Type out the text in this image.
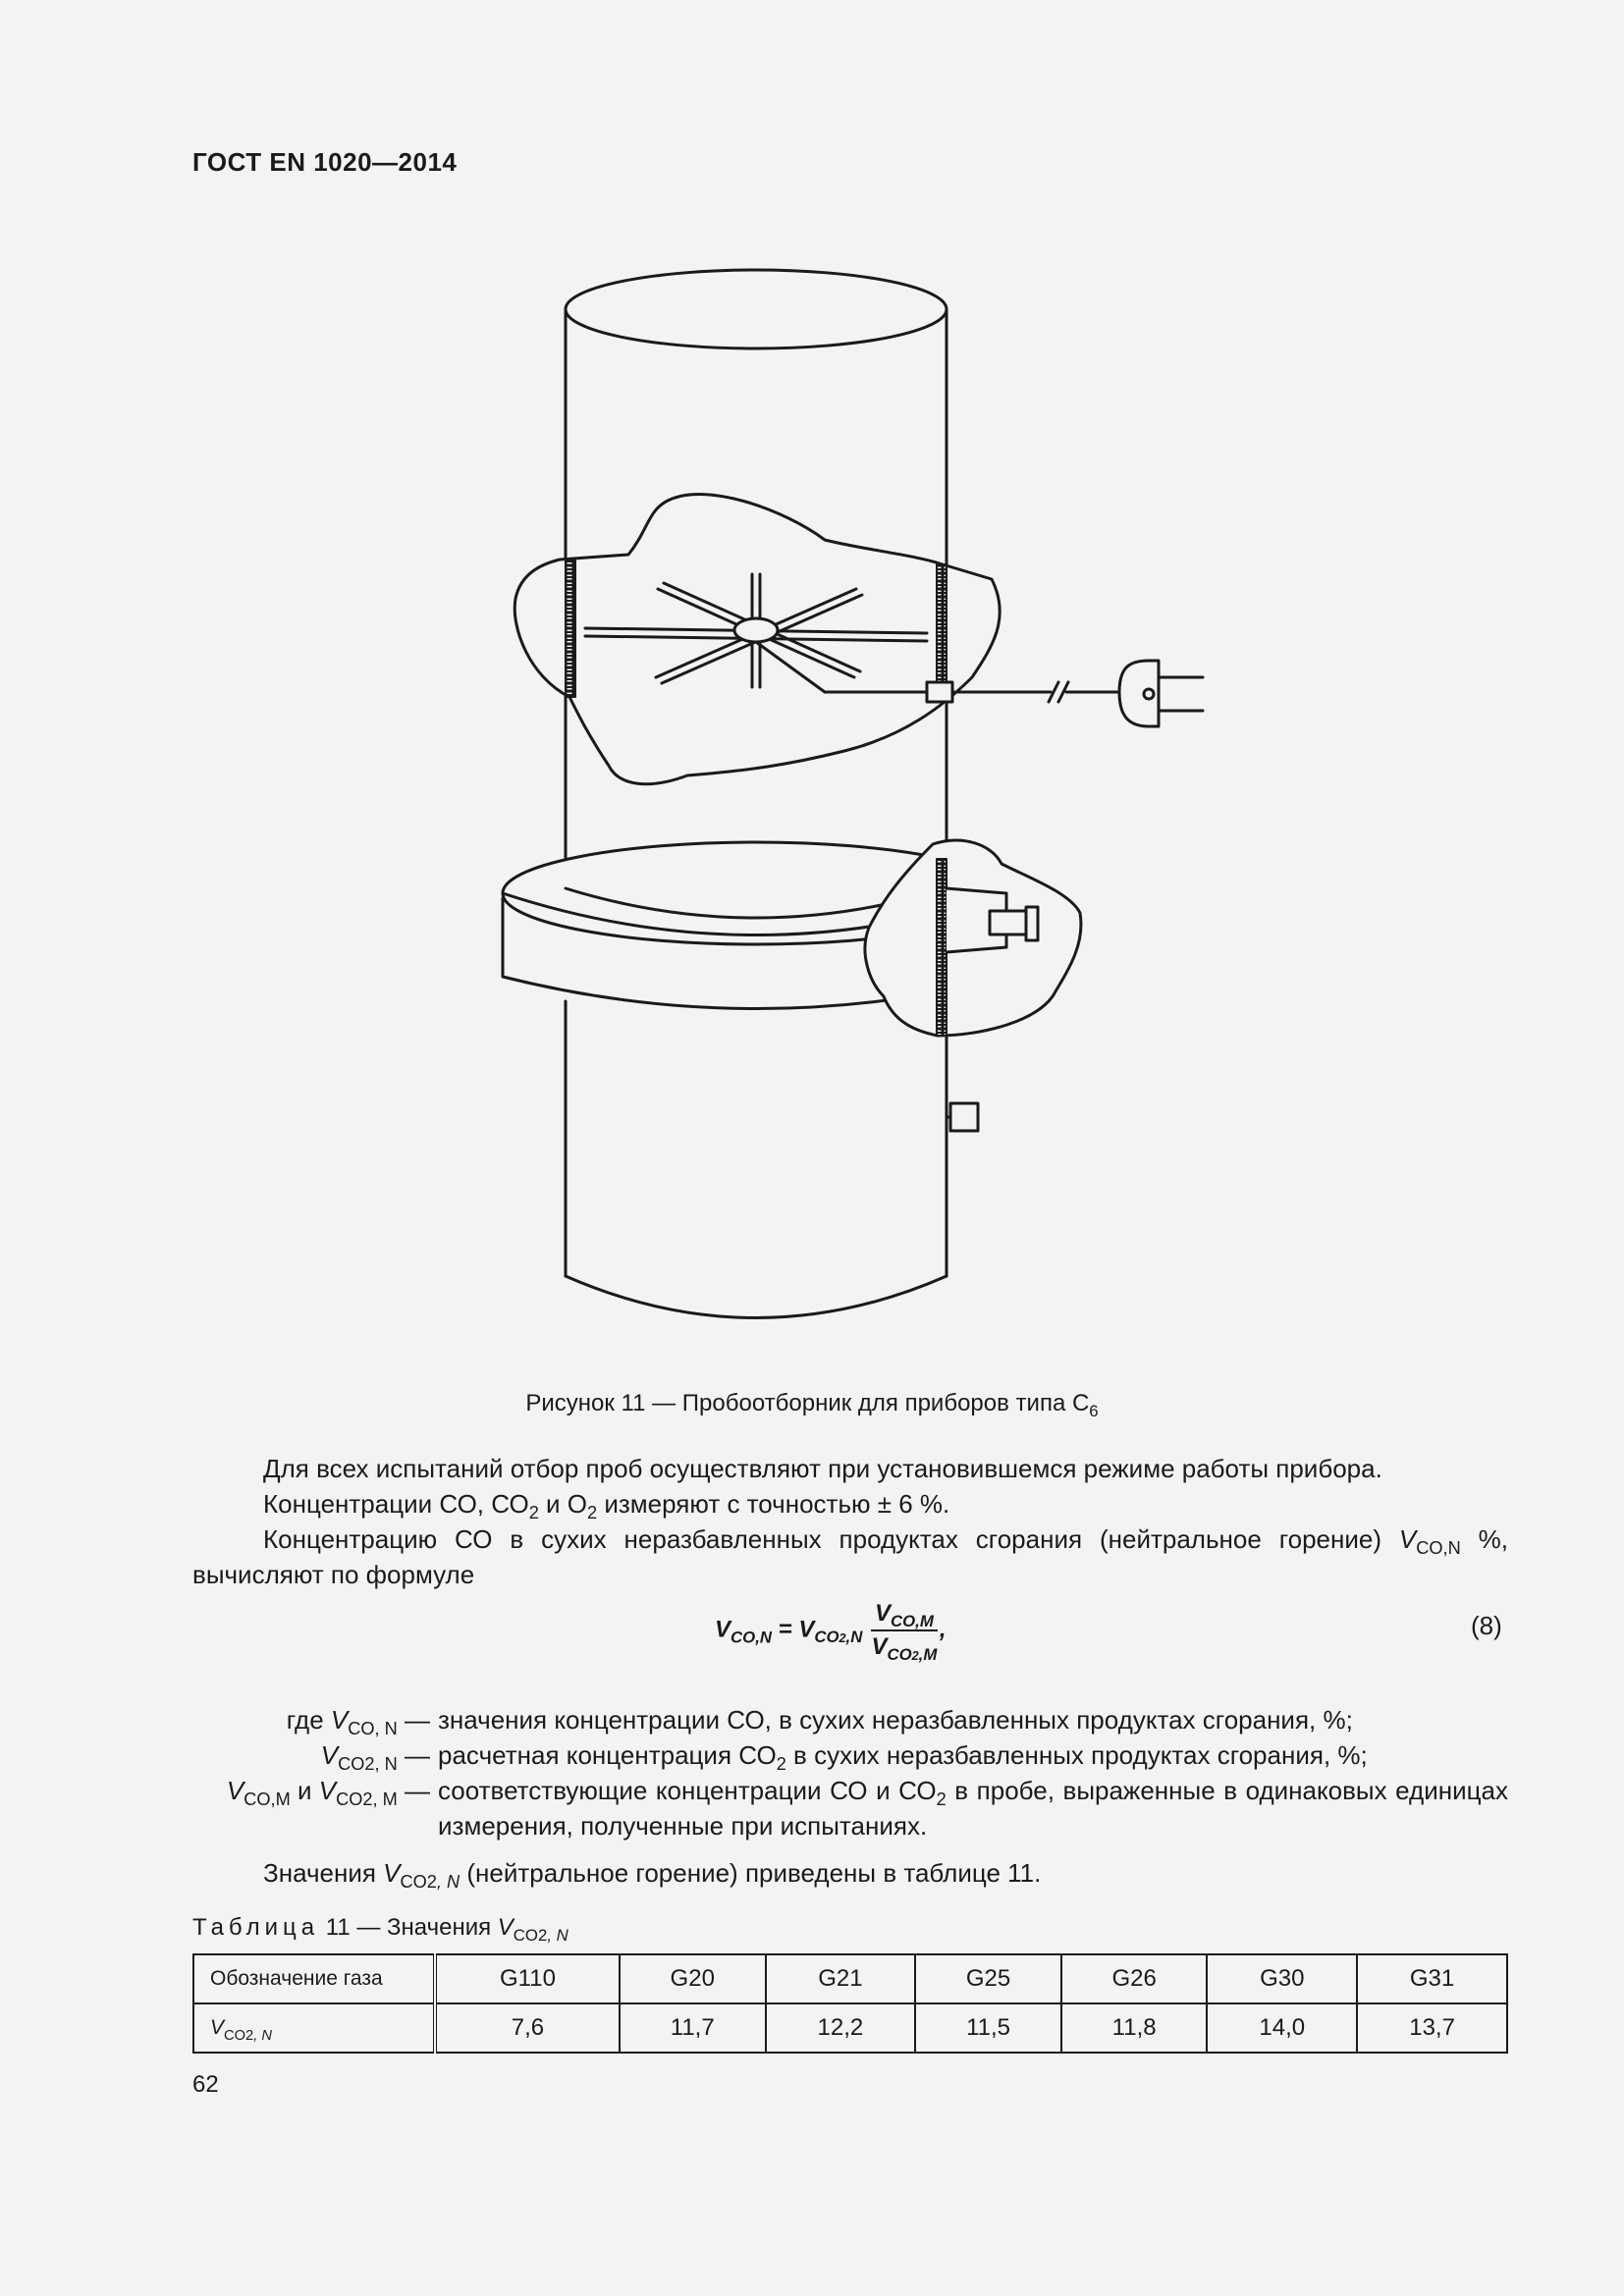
ГОСТ EN 1020—2014
Рисунок 11 — Пробоотборник для приборов типа $С_6$
Для всех испытаний отбор проб осуществляют при установившемся режиме работы прибора.
Концентрации СО, $СО_2$ и $О_2$ измеряют с точностью ± 6 %.
Концентрацию СО в сухих неразбавленных продуктах сгорания (нейтральное горение) $V_{CO,N}$ %, вычисляют по формуле
$V_{CO,N} = V_{CO2,N} \frac{V_{CO,M}}{V_{CO2,M}}$ ,	(8)
где $V_{CO, N}$ — значения концентрации СО, в сухих неразбавленных продуктах сгорания, %;
$V_{CO2, N}$ — расчетная концентрация $СО_2$ в сухих неразбавленных продуктах сгорания, %;
$V_{CO,M}$ и $V_{CO2, M}$ — соответствующие концентрации СО и $СО_2$ в пробе, выраженные в одинаковых единицах измерения, полученные при испытаниях.
Значения $V_{CO2, N}$ (нейтральное горение) приведены в таблице 11.
Таблица 11 — Значения $V_{CO2, N}$
Обозначение газа	G110	G20	G21	G25	G26	G30	G31
$V_{CO2, N}$	7,6	11,7	12,2	11,5	11,8	14,0	13,7
62
